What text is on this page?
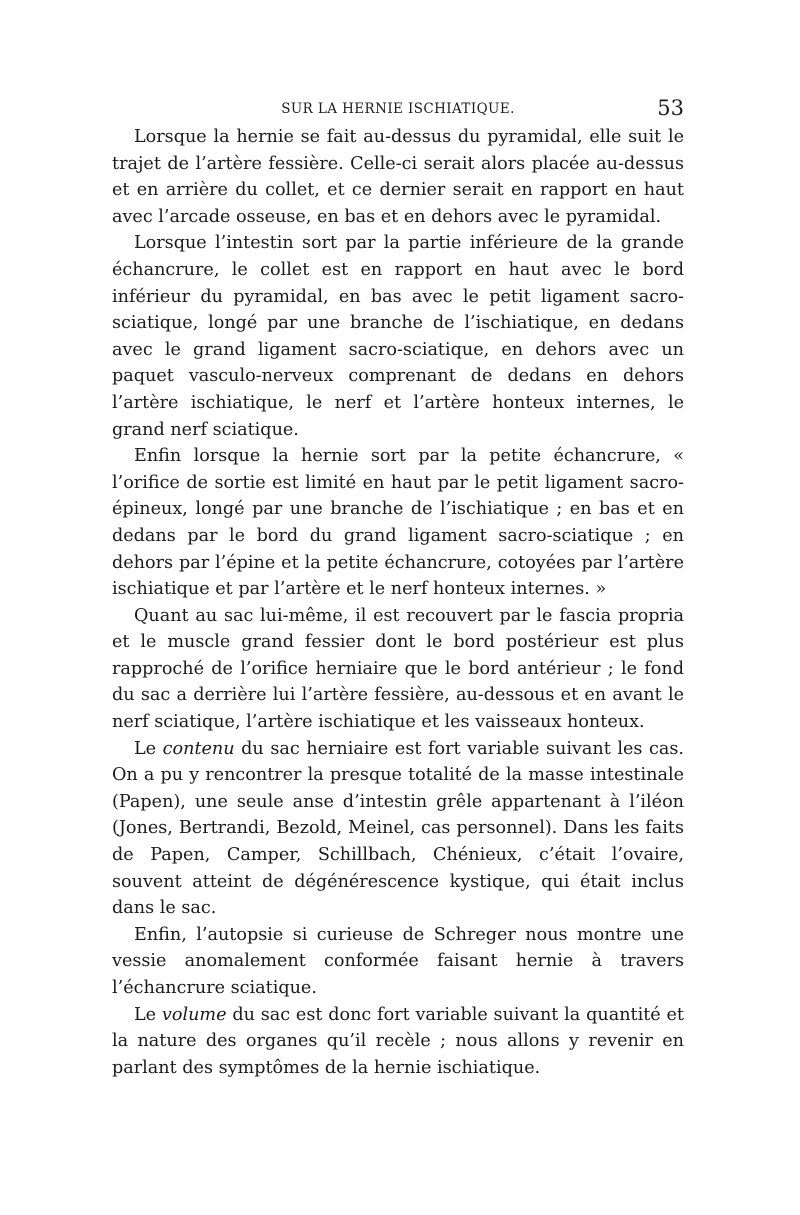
SUR LA HERNIE ISCHIATIQUE.	53

Lorsque la hernie se fait au-dessus du pyramidal, elle suit le trajet de l’artère fessière. Celle-ci serait alors placée au-dessus et en arrière du collet, et ce dernier serait en rapport en haut avec l’arcade osseuse, en bas et en dehors avec le pyramidal.

Lorsque l’intestin sort par la partie inférieure de la grande échancrure, le collet est en rapport en haut avec le bord inférieur du pyramidal, en bas avec le petit ligament sacro-sciatique, longé par une branche de l’ischiatique, en dedans avec le grand ligament sacro-sciatique, en dehors avec un paquet vasculo-nerveux comprenant de dedans en dehors l’artère ischiatique, le nerf et l’artère honteux internes, le grand nerf sciatique.

Enfin lorsque la hernie sort par la petite échancrure, « l’orifice de sortie est limité en haut par le petit ligament sacro-épineux, longé par une branche de l’ischiatique ; en bas et en dedans par le bord du grand ligament sacro-sciatique ; en dehors par l’épine et la petite échancrure, cotoyées par l’artère ischiatique et par l’artère et le nerf honteux internes. »

Quant au sac lui-même, il est recouvert par le fascia propria et le muscle grand fessier dont le bord postérieur est plus rapproché de l’orifice herniaire que le bord antérieur ; le fond du sac a derrière lui l’artère fessière, au-dessous et en avant le nerf sciatique, l’artère ischiatique et les vaisseaux honteux.

Le contenu du sac herniaire est fort variable suivant les cas. On a pu y rencontrer la presque totalité de la masse intestinale (Papen), une seule anse d’intestin grêle appartenant à l’iléon (Jones, Bertrandi, Bezold, Meinel, cas personnel). Dans les faits de Papen, Camper, Schillbach, Chénieux, c’était l’ovaire, souvent atteint de dégénérescence kystique, qui était inclus dans le sac.

Enfin, l’autopsie si curieuse de Schreger nous montre une vessie anomalement conformée faisant hernie à travers l’échancrure sciatique.

Le volume du sac est donc fort variable suivant la quantité et la nature des organes qu’il recèle ; nous allons y revenir en parlant des symptômes de la hernie ischiatique.
